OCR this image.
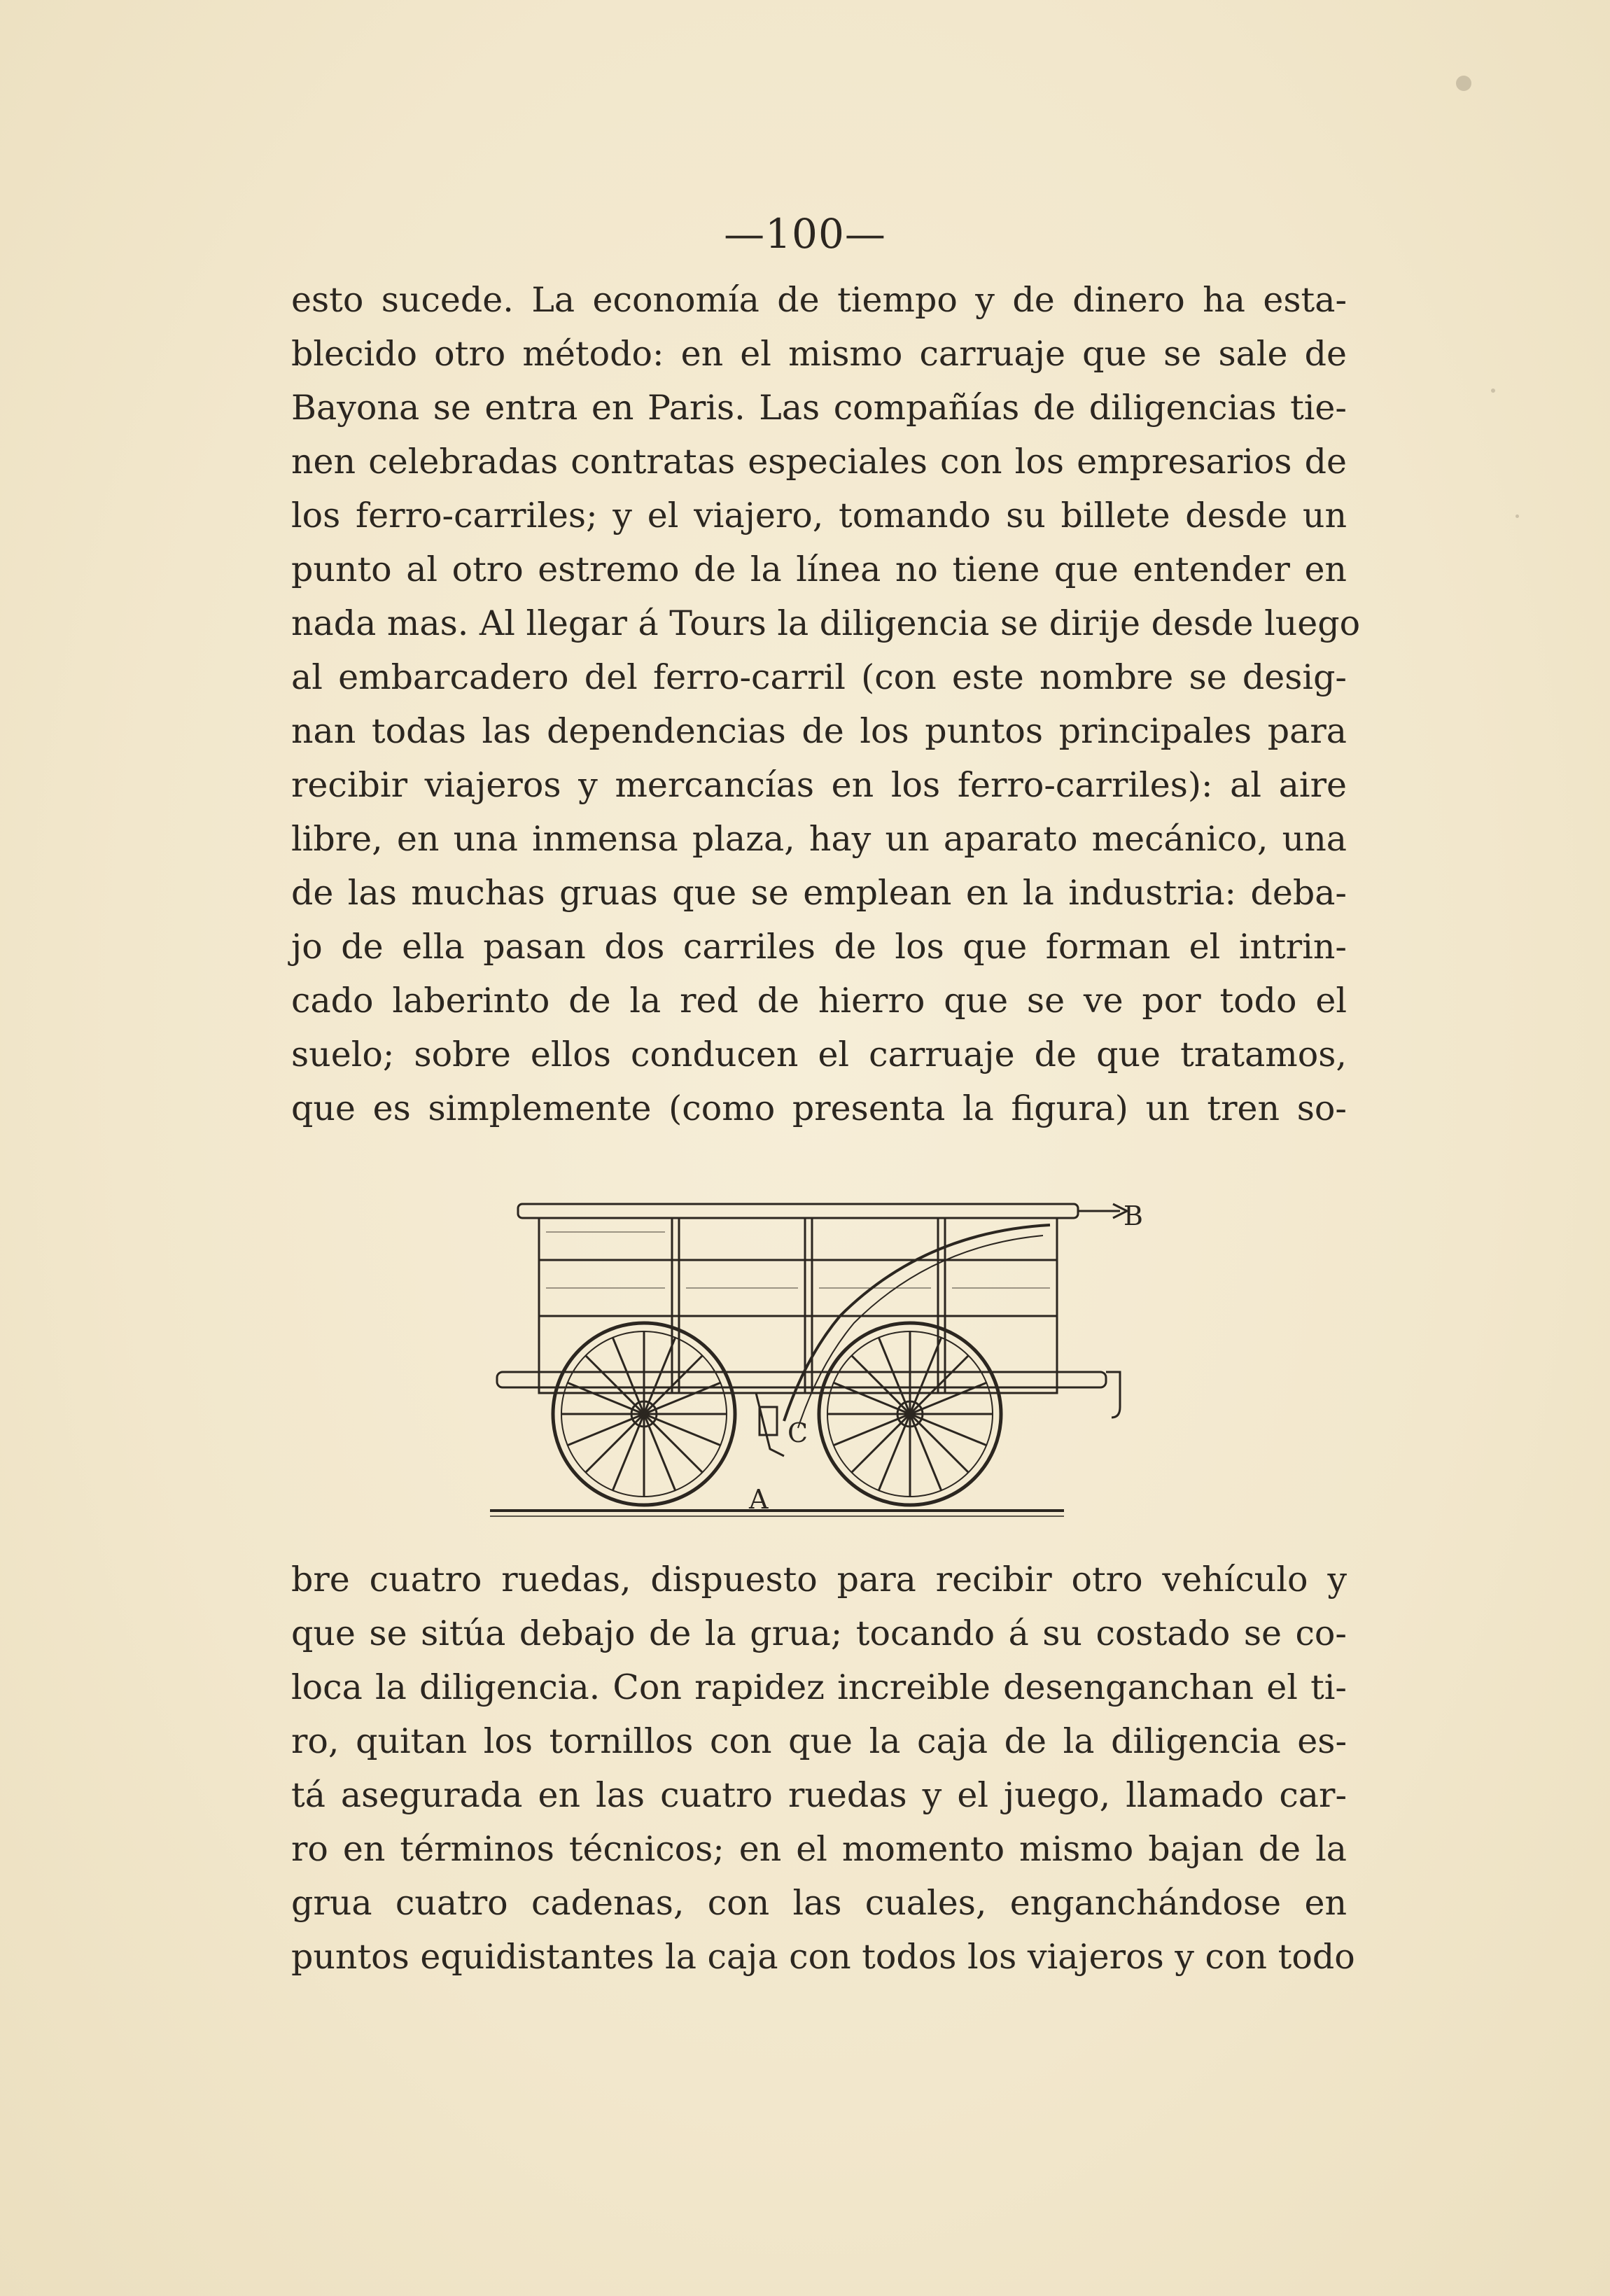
—100—
esto sucede. La economía de tiempo y de dinero ha esta-
blecido otro método: en el mismo carruaje que se sale de
Bayona se entra en Paris. Las compañías de diligencias tie-
nen celebradas contratas especiales con los empresarios de
los ferro-carriles; y el viajero, tomando su billete desde un
punto al otro estremo de la línea no tiene que entender en
nada mas. Al llegar á Tours la diligencia se dirije desde luego
al embarcadero del ferro-carril (con este nombre se desig-
nan todas las dependencias de los puntos principales para
recibir viajeros y mercancías en los ferro-carriles): al aire
libre, en una inmensa plaza, hay un aparato mecánico, una
de las muchas gruas que se emplean en la industria: deba-
jo de ella pasan dos carriles de los que forman el intrin-
cado laberinto de la red de hierro que se ve por todo el
suelo; sobre ellos conducen el carruaje de que tratamos,
que es simplemente (como presenta la figura) un tren so-
B
C
A
bre cuatro ruedas, dispuesto para recibir otro vehículo y
que se sitúa debajo de la grua; tocando á su costado se co-
loca la diligencia. Con rapidez increible desenganchan el ti-
ro, quitan los tornillos con que la caja de la diligencia es-
tá asegurada en las cuatro ruedas y el juego, llamado car-
ro en términos técnicos; en el momento mismo bajan de la
grua cuatro cadenas, con las cuales, enganchándose en
puntos equidistantes la caja con todos los viajeros y con todo
